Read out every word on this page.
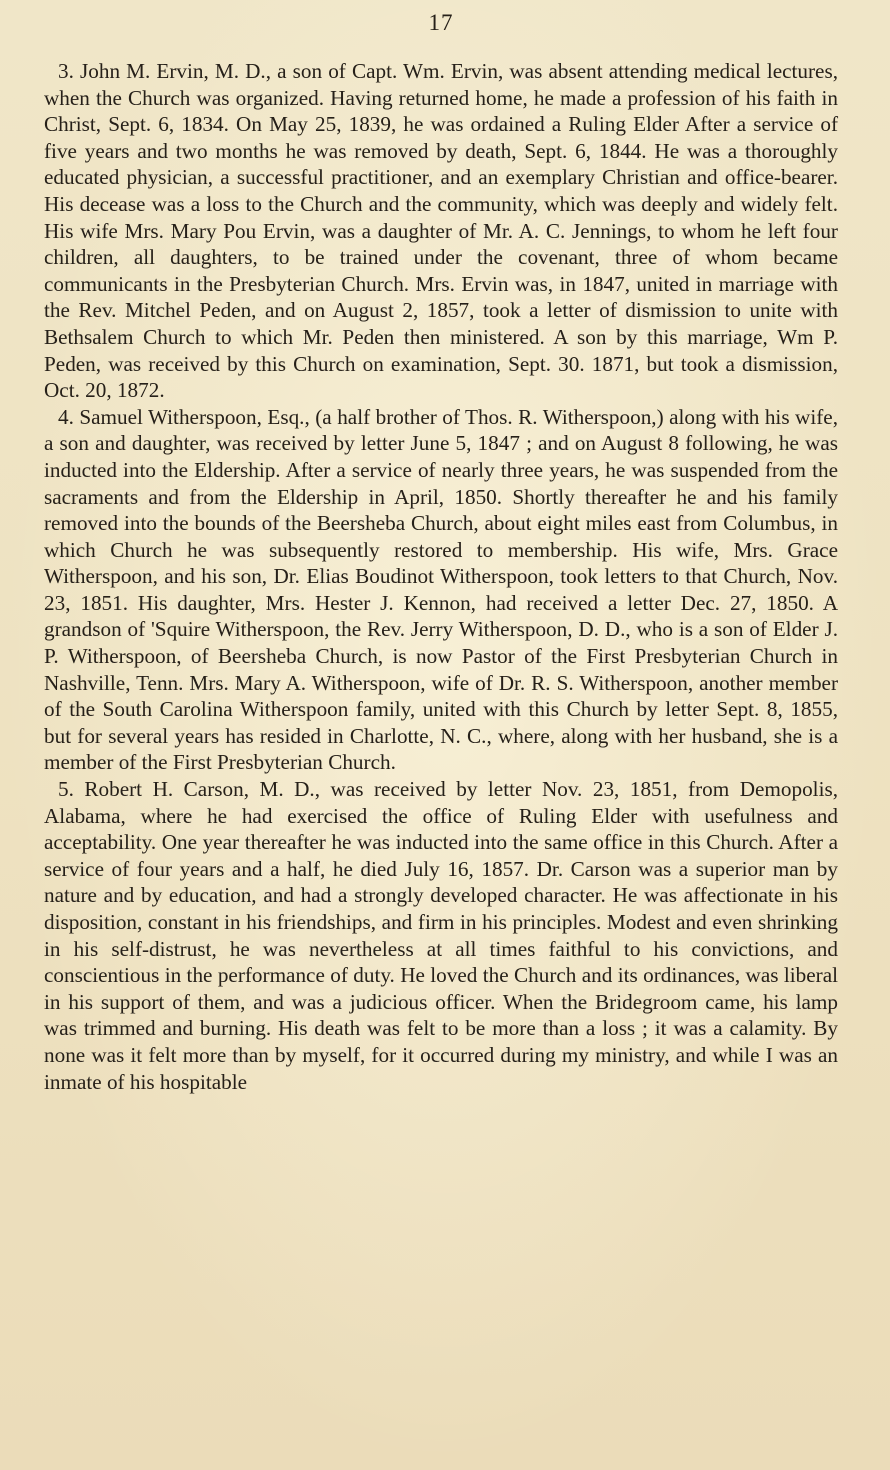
17

3. John M. Ervin, M. D., a son of Capt. Wm. Ervin, was absent attending medical lectures, when the Church was organized. Having returned home, he made a profession of his faith in Christ, Sept. 6, 1834. On May 25, 1839, he was ordained a Ruling Elder After a service of five years and two months he was removed by death, Sept. 6, 1844. He was a thoroughly educated physician, a successful practitioner, and an exemplary Christian and office-bearer. His decease was a loss to the Church and the community, which was deeply and widely felt. His wife Mrs. Mary Pou Ervin, was a daughter of Mr. A. C. Jennings, to whom he left four children, all daughters, to be trained under the covenant, three of whom became communicants in the Presbyterian Church. Mrs. Ervin was, in 1847, united in marriage with the Rev. Mitchel Peden, and on August 2, 1857, took a letter of dismission to unite with Bethsalem Church to which Mr. Peden then ministered. A son by this marriage, Wm P. Peden, was received by this Church on examination, Sept. 30. 1871, but took a dismission, Oct. 20, 1872.

4. Samuel Witherspoon, Esq., (a half brother of Thos. R. Witherspoon,) along with his wife, a son and daughter, was received by letter June 5, 1847 ; and on August 8 following, he was inducted into the Eldership. After a service of nearly three years, he was suspended from the sacraments and from the Eldership in April, 1850. Shortly thereafter he and his family removed into the bounds of the Beersheba Church, about eight miles east from Columbus, in which Church he was subsequently restored to membership. His wife, Mrs. Grace Witherspoon, and his son, Dr. Elias Boudinot Witherspoon, took letters to that Church, Nov. 23, 1851. His daughter, Mrs. Hester J. Kennon, had received a letter Dec. 27, 1850. A grandson of 'Squire Witherspoon, the Rev. Jerry Witherspoon, D. D., who is a son of Elder J. P. Witherspoon, of Beersheba Church, is now Pastor of the First Presbyterian Church in Nashville, Tenn. Mrs. Mary A. Witherspoon, wife of Dr. R. S. Witherspoon, another member of the South Carolina Witherspoon family, united with this Church by letter Sept. 8, 1855, but for several years has resided in Charlotte, N. C., where, along with her husband, she is a member of the First Presbyterian Church.

5. Robert H. Carson, M. D., was received by letter Nov. 23, 1851, from Demopolis, Alabama, where he had exercised the office of Ruling Elder with usefulness and acceptability. One year thereafter he was inducted into the same office in this Church. After a service of four years and a half, he died July 16, 1857. Dr. Carson was a superior man by nature and by education, and had a strongly developed character. He was affectionate in his disposition, constant in his friendships, and firm in his principles. Modest and even shrinking in his self-distrust, he was nevertheless at all times faithful to his convictions, and conscientious in the performance of duty. He loved the Church and its ordinances, was liberal in his support of them, and was a judicious officer. When the Bridegroom came, his lamp was trimmed and burning. His death was felt to be more than a loss ; it was a calamity. By none was it felt more than by myself, for it occurred during my ministry, and while I was an inmate of his hospitable
